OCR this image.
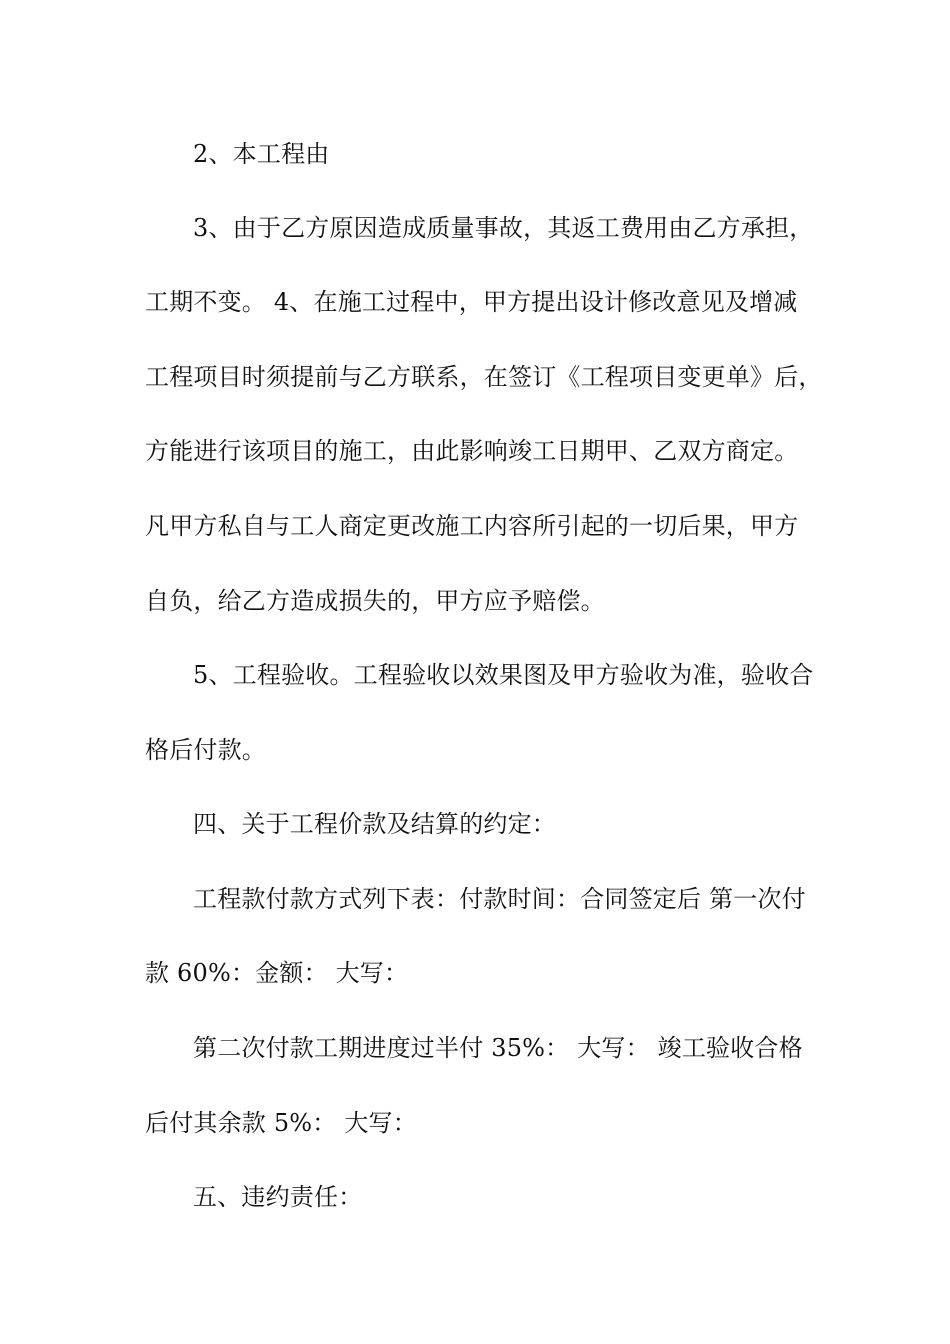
2、本工程由
3、由于乙方原因造成质量事故，其返工费用由乙方承担，
工期不变。 4、在施工过程中，甲方提出设计修改意见及增减
工程项目时须提前与乙方联系，在签订《工程项目变更单》后，
方能进行该项目的施工，由此影响竣工日期甲、乙双方商定。
凡甲方私自与工人商定更改施工内容所引起的一切后果，甲方
自负，给乙方造成损失的，甲方应予赔偿。
5、工程验收。工程验收以效果图及甲方验收为准，验收合
格后付款。
四、关于工程价款及结算的约定：
工程款付款方式列下表：付款时间：合同签定后 第一次付
款 60%：金额： 大写：
第二次付款工期进度过半付 35%： 大写： 竣工验收合格
后付其余款 5%： 大写：
五、违约责任：
